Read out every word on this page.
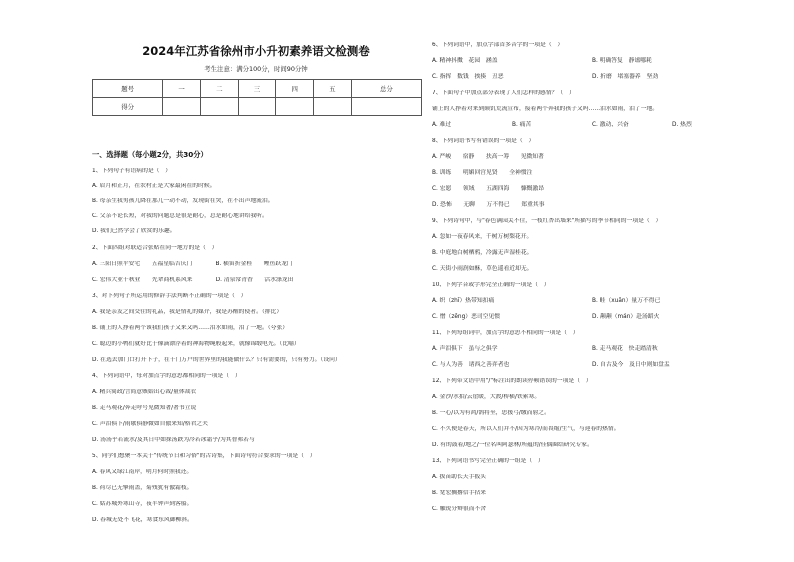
2024年江苏省徐州市小升初素养语文检测卷
考生注意：满分100分，时间90分钟
题号	一	二	三	四	五	总分
得分						
一、选择题（每小题2分，共30分）
1、下列句子有语病的是（　）
A. 眉月和正月，在农村正是大家最闲在的时候。
B. 母亲生我男孩儿降在那儿一动不动，发现街在哭，在不出声地流泪。
C. 父亲不论长短，对我的问题总是很是耐心，总是耐心地讲给我听。
D. 我们已然学会了欣赏的乐趣。
2、下面四组对联适合张贴在同一地方的是（　）
A. 三阳日照平安宅　　五福星临吉庆门　　　　B. 横笛折金桂　　鲤鱼跃龙门
C. 宏伟大业千秋业　　先辈商机系风来　　　　D. 清泉常青香　　活水涤龙田
3、对下列句子所运用的修辞手法判断不正确的一项是（　）
A. 我是亲友之间交往的礼品，我是情礼的媒介，我是苏醒的使者。（排比）
B. 铺上的人挣着两个该我们孩子又来又吗……泪水如雨，泪了一地。（夸张）
C. 聪边的小鸭们就好比于像滴漂浮着的神海物绳般起来，就像锦缎电光。（比喻）
D. 在选去加门口打开下子，在千门万户的世界里的我能做什么？只有需要的，只有努力。（设问）
4、下列词语中，每对加点字的意思都相同的一项是（　）
A. 精兵简政/言简意赅始出心裁/量体裁衣
B. 走马观花/奔走呼号见微知著/著书立说
C. 声泪俱下/雨歇俱静微如自傲来知/格君之夫
D. 汤汤乎若流水/及其日中如探汤跌为冷若冰霜乎/为其智弗若与
5、同学们想聚一本关于"传统节日和习俗"的古诗集，下面诗句符合要求的一项是（　）
A. 春风又绿江南岸，明月何时照我还。
B. 荷尽已无擎雨盖，菊残犹有傲霜枝。
C. 姑苏城外寒山寺，夜半钟声到客船。
D. 春城无处不飞花，寒食东风御柳斜。
6、下列词语中，加点字部首多音字的一项是（　）
A. 精神抖擞　花园　涵盖	B. 明确答复　静谧哪耗
C. 指挥　数钱　挨揍　丑恶	D. 折磨　堵塞器养　坚劲
7、下面句子中加点部分表现了人们怎样的感情？（　）
铺上的人挣着对来到颠饥荒流宣布，接着两个奔我的孩子又吗……泪水如雨，泪了一地。
A. 难过	B. 痛苦	C. 激动、兴奋	D. 热烈
8、下列词语书写有错误的一项是（　）
A. 严峻　　宿静　　扶高一筹　　见微知著
B. 训练　　明媚回宫见贤　　全神惯注
C. 宏愿　　领域　　五湖四海　　慷慨激昂
D. 恐怖　　无聊　　万不得已　　郑重其事
9、下列诗句中，与"春色满园关不住，一枝红杏出墙来"所描写的季节相同的一项是（　）
A. 忽如一夜春风来，千树万树梨花开。
B. 中庭地白树栖鸦，冷露无声湿桂花。
C. 天街小雨润如酥，草色遥看近却无。
10、下列字音或字形完全正确的一项是（　）
A. 织（zhī）热带知扣痛	B. 畦（xuān）量万不得已
C. 憎（zēng）恶司空见惯	D. 颟颟（mán）赴汤蹈火
11、下列每组词中，加点字的意思不相同的一项是（　）
A. 声泪俱下　虽与之俱学	B. 走马观花　快走踏清秋
C. 与人为善　诸西之善弈者也	D. 自古及今　及日中则如盘盂
12、下列带文语中用"/"标注出的朗读停顿错误的一项是（　）
A. 金沙/水拍/云崖暖，大渡/桥横/铁索寒。
B. 一心/以为有鸿/鹄将至，思援弓/缴而射之。
C. 不久便是春天，所以人们并不/因为寒冷/而畏缩/生气，与迎春的热情。
D. 有的鼓着/地之/一位名叫阿瑟林/所蕴的/佳偶圈结研究专家。
13、下列词语书写完全正确的一组是（　）
A. 拔苗助长天手扳头
B. 宽宏搁撂信手拈来
C. 触锐分辩很而不舍
